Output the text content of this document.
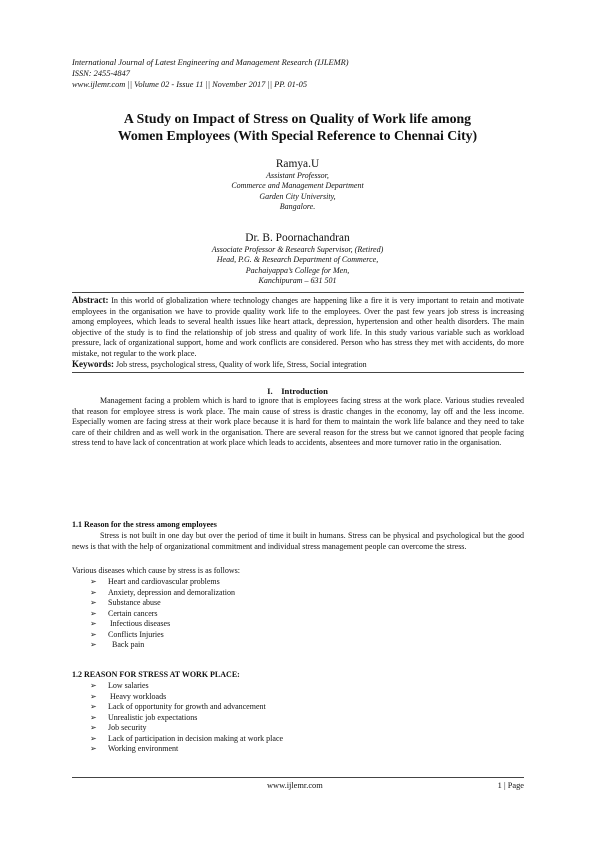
International Journal of Latest Engineering and Management Research (IJLEMR)
ISSN: 2455-4847
www.ijlemr.com || Volume 02 - Issue 11 || November 2017 || PP. 01-05
A Study on Impact of Stress on Quality of Work life among
Women Employees (With Special Reference to Chennai City)
Ramya.U
Assistant Professor,
Commerce and Management Department
Garden City University,
Bangalore.
Dr. B. Poornachandran
Associate Professor & Research Supervisor, (Retired)
Head, P.G. & Research Department of Commerce,
Pachaiyappa’s College for Men,
Kanchipuram – 631 501
Abstract: In this world of globalization where technology changes are happening like a fire it is very important to retain and motivate employees in the organisation we have to provide quality work life to the employees. Over the past few years job stress is increasing among employees, which leads to several health issues like heart attack, depression, hypertension and other health disorders. The main objective of the study is to find the relationship of job stress and quality of work life. In this study various variable such as workload pressure, lack of organizational support, home and work conflicts are considered. Person who has stress they met with accidents, do more mistake, not regular to the work place.
Keywords: Job stress, psychological stress, Quality of work life, Stress, Social integration
I.    Introduction
Management facing a problem which is hard to ignore that is employees facing stress at the work place. Various studies revealed that reason for employee stress is work place. The main cause of stress is drastic changes in the economy, lay off and the less income. Especially women are facing stress at their work place because it is hard for them to maintain the work life balance and they need to take care of their children and as well work in the organisation. There are several reason for the stress but we cannot ignored that people facing stress tend to have lack of concentration at work place which leads to accidents, absentees and more turnover ratio in the organisation.
1.1 Reason for the stress among employees
Stress is not built in one day but over the period of time it built in humans. Stress can be physical and psychological but the good news is that with the help of organizational commitment and individual stress management people can overcome the stress.
Various diseases which cause by stress is as follows:
➢ Heart and cardiovascular problems
➢ Anxiety, depression and demoralization
➢ Substance abuse
➢ Certain cancers
➢ Infectious diseases
➢ Conflicts Injuries
➢ Back pain
1.2 REASON FOR STRESS AT WORK PLACE:
➢ Low salaries
➢ Heavy workloads
➢ Lack of opportunity for growth and advancement
➢ Unrealistic job expectations
➢ Job security
➢ Lack of participation in decision making at work place
➢ Working environment
www.ijlemr.com	1 | Page
